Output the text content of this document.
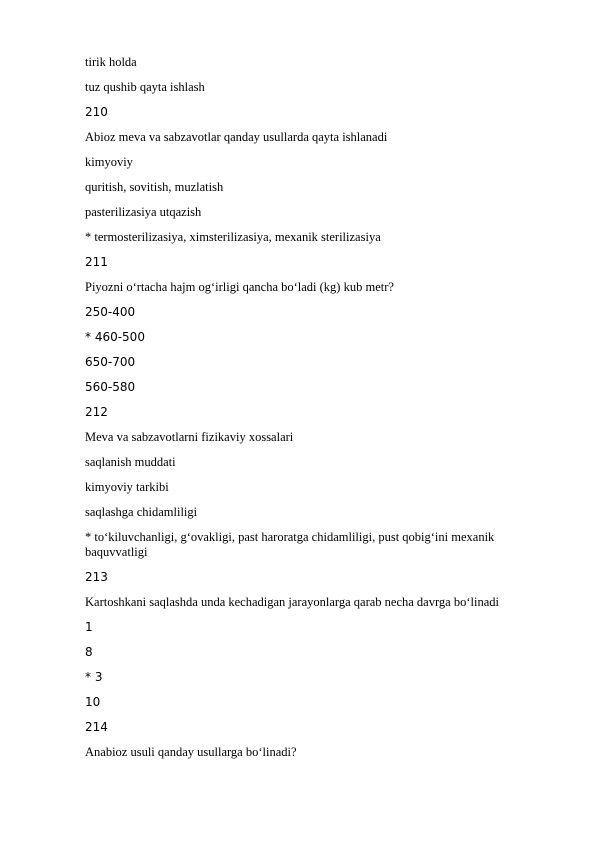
tirik holda
tuz qushib qayta ishlash
210
Abioz meva va sabzavotlar qanday usullarda qayta ishlanadi
kimyoviy
quritish, sovitish, muzlatish
pasterilizasiya utqazish
* termosterilizasiya, ximsterilizasiya, mexanik sterilizasiya
211
Piyozni o‘rtacha hajm og‘irligi qancha bo‘ladi (kg) kub metr?
250-400
* 460-500
650-700
560-580
212
Meva va sabzavotlarni fizikaviy xossalari
saqlanish muddati
kimyoviy tarkibi
saqlashga chidamliligi
* to‘kiluvchanligi, g‘ovakligi, past haroratga chidamliligi, pust qobig‘ini mexanik baquvvatligi
213
Kartoshkani saqlashda unda kechadigan jarayonlarga qarab necha davrga bo‘linadi
1
8
* 3
10
214
Anabioz usuli qanday usullarga bo‘linadi?
